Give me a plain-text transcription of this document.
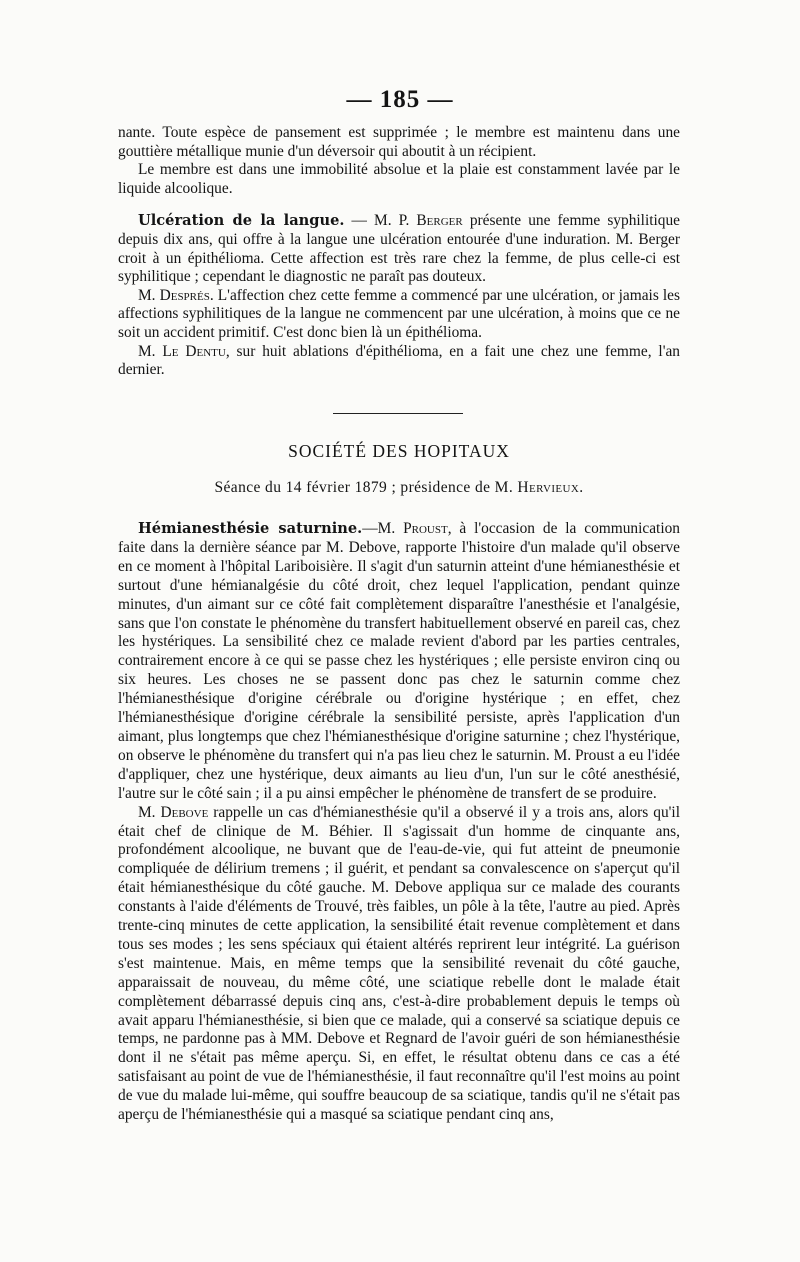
— 185 —

nante. Toute espèce de pansement est supprimée ; le membre est maintenu dans une gouttière métallique munie d'un déversoir qui aboutit à un récipient.

Le membre est dans une immobilité absolue et la plaie est constamment lavée par le liquide alcoolique.

Ulcération de la langue. — M. P. Berger présente une femme syphilitique depuis dix ans, qui offre à la langue une ulcération entourée d'une induration. M. Berger croit à un épithélioma. Cette affection est très rare chez la femme, de plus celle-ci est syphilitique ; cependant le diagnostic ne paraît pas douteux.

M. Després. L'affection chez cette femme a commencé par une ulcération, or jamais les affections syphilitiques de la langue ne commencent par une ulcération, à moins que ce ne soit un accident primitif. C'est donc bien là un épithélioma.

M. Le Dentu, sur huit ablations d'épithélioma, en a fait une chez une femme, l'an dernier.

SOCIÉTÉ DES HOPITAUX
Séance du 14 février 1879 ; présidence de M. Hervieux.

Hémianesthésie saturnine.—M. Proust, à l'occasion de la communication faite dans la dernière séance par M. Debove, rapporte l'histoire d'un malade qu'il observe en ce moment à l'hôpital Lariboisière. Il s'agit d'un saturnin atteint d'une hémianesthésie et surtout d'une hémianalgésie du côté droit, chez lequel l'application, pendant quinze minutes, d'un aimant sur ce côté fait complètement disparaître l'anesthésie et l'analgésie, sans que l'on constate le phénomène du transfert habituellement observé en pareil cas, chez les hystériques. La sensibilité chez ce malade revient d'abord par les parties centrales, contrairement encore à ce qui se passe chez les hystériques ; elle persiste environ cinq ou six heures. Les choses ne se passent donc pas chez le saturnin comme chez l'hémianesthésique d'origine cérébrale ou d'origine hystérique ; en effet, chez l'hémianesthésique d'origine cérébrale la sensibilité persiste, après l'application d'un aimant, plus longtemps que chez l'hémianesthésique d'origine saturnine ; chez l'hystérique, on observe le phénomène du transfert qui n'a pas lieu chez le saturnin. M. Proust a eu l'idée d'appliquer, chez une hystérique, deux aimants au lieu d'un, l'un sur le côté anesthésié, l'autre sur le côté sain ; il a pu ainsi empêcher le phénomène de transfert de se produire.

M. Debove rappelle un cas d'hémianesthésie qu'il a observé il y a trois ans, alors qu'il était chef de clinique de M. Béhier. Il s'agissait d'un homme de cinquante ans, profondément alcoolique, ne buvant que de l'eau-de-vie, qui fut atteint de pneumonie compliquée de délirium tremens ; il guérit, et pendant sa convalescence on s'aperçut qu'il était hémianesthésique du côté gauche. M. Debove appliqua sur ce malade des courants constants à l'aide d'éléments de Trouvé, très faibles, un pôle à la tête, l'autre au pied. Après trente-cinq minutes de cette application, la sensibilité était revenue complètement et dans tous ses modes ; les sens spéciaux qui étaient altérés reprirent leur intégrité. La guérison s'est maintenue. Mais, en même temps que la sensibilité revenait du côté gauche, apparaissait de nouveau, du même côté, une sciatique rebelle dont le malade était complètement débarrassé depuis cinq ans, c'est-à-dire probablement depuis le temps où avait apparu l'hémianesthésie, si bien que ce malade, qui a conservé sa sciatique depuis ce temps, ne pardonne pas à MM. Debove et Regnard de l'avoir guéri de son hémianesthésie dont il ne s'était pas même aperçu. Si, en effet, le résultat obtenu dans ce cas a été satisfaisant au point de vue de l'hémianesthésie, il faut reconnaître qu'il l'est moins au point de vue du malade lui-même, qui souffre beaucoup de sa sciatique, tandis qu'il ne s'était pas aperçu de l'hémianesthésie qui a masqué sa sciatique pendant cinq ans,
